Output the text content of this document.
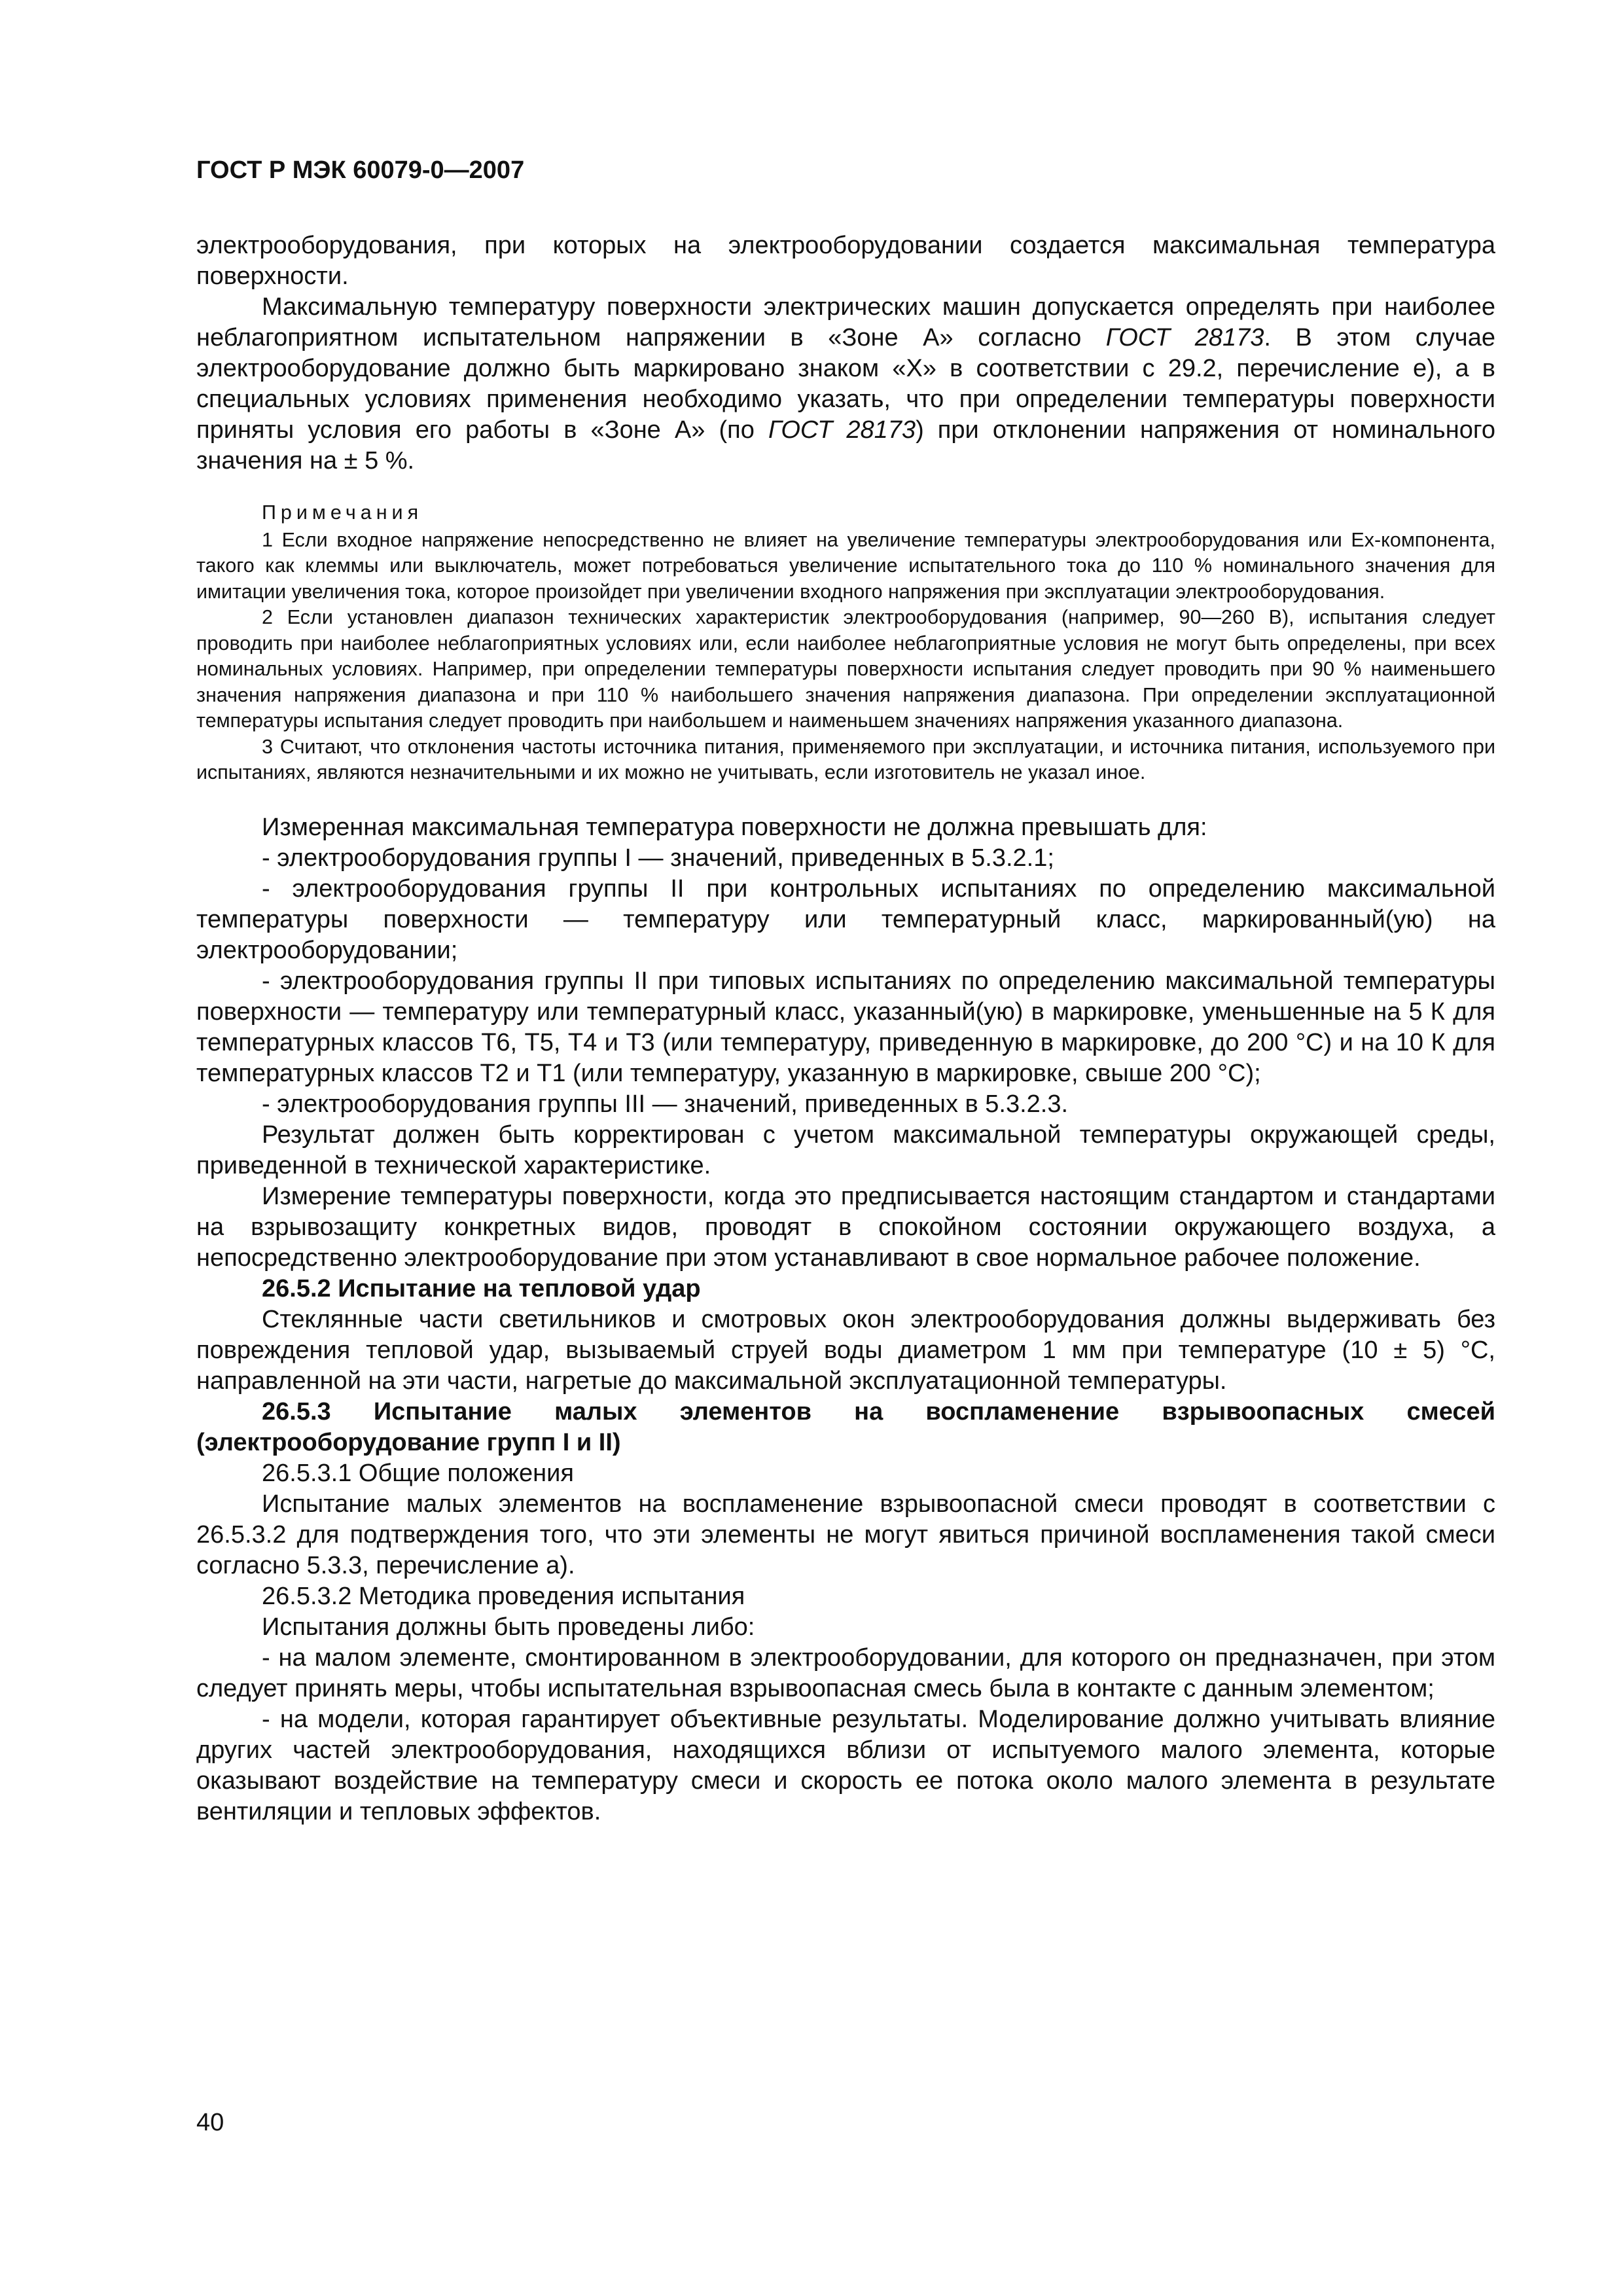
ГОСТ Р МЭК 60079-0—2007

электрооборудования, при которых на электрооборудовании создается максимальная температура поверхности.

Максимальную температуру поверхности электрических машин допускается определять при наиболее неблагоприятном испытательном напряжении в «Зоне А» согласно ГОСТ 28173. В этом случае электрооборудование должно быть маркировано знаком «X» в соответствии с 29.2, перечисление е), а в специальных условиях применения необходимо указать, что при определении температуры поверхности приняты условия его работы в «Зоне А» (по ГОСТ 28173) при отклонении напряжения от номинального значения на ± 5 %.

Примечания

1 Если входное напряжение непосредственно не влияет на увеличение температуры электрооборудования или Ex-компонента, такого как клеммы или выключатель, может потребоваться увеличение испытательного тока до 110 % номинального значения для имитации увеличения тока, которое произойдет при увеличении входного напряжения при эксплуатации электрооборудования.

2 Если установлен диапазон технических характеристик электрооборудования (например, 90—260 В), испытания следует проводить при наиболее неблагоприятных условиях или, если наиболее неблагоприятные условия не могут быть определены, при всех номинальных условиях. Например, при определении температуры поверхности испытания следует проводить при 90 % наименьшего значения напряжения диапазона и при 110 % наибольшего значения напряжения диапазона. При определении эксплуатационной температуры испытания следует проводить при наибольшем и наименьшем значениях напряжения указанного диапазона.

3 Считают, что отклонения частоты источника питания, применяемого при эксплуатации, и источника питания, используемого при испытаниях, являются незначительными и их можно не учитывать, если изготовитель не указал иное.

Измеренная максимальная температура поверхности не должна превышать для:

- электрооборудования группы I — значений, приведенных в 5.3.2.1;

- электрооборудования группы II при контрольных испытаниях по определению максимальной температуры поверхности — температуру или температурный класс, маркированный(ую) на электрооборудовании;

- электрооборудования группы II при типовых испытаниях по определению максимальной температуры поверхности — температуру или температурный класс, указанный(ую) в маркировке, уменьшенные на 5 К для температурных классов Т6, Т5, Т4 и Т3 (или температуру, приведенную в маркировке, до 200 °С) и на 10 К для температурных классов Т2 и Т1 (или температуру, указанную в маркировке, свыше 200 °С);

- электрооборудования группы III — значений, приведенных в 5.3.2.3.

Результат должен быть корректирован с учетом максимальной температуры окружающей среды, приведенной в технической характеристике.

Измерение температуры поверхности, когда это предписывается настоящим стандартом и стандартами на взрывозащиту конкретных видов, проводят в спокойном состоянии окружающего воздуха, а непосредственно электрооборудование при этом устанавливают в свое нормальное рабочее положение.

26.5.2 Испытание на тепловой удар

Стеклянные части светильников и смотровых окон электрооборудования должны выдерживать без повреждения тепловой удар, вызываемый струей воды диаметром 1 мм при температуре (10 ± 5) °С, направленной на эти части, нагретые до максимальной эксплуатационной температуры.

26.5.3 Испытание малых элементов на воспламенение взрывоопасных смесей (электрооборудование групп I и II)

26.5.3.1 Общие положения

Испытание малых элементов на воспламенение взрывоопасной смеси проводят в соответствии с 26.5.3.2 для подтверждения того, что эти элементы не могут явиться причиной воспламенения такой смеси согласно 5.3.3, перечисление а).

26.5.3.2 Методика проведения испытания

Испытания должны быть проведены либо:

- на малом элементе, смонтированном в электрооборудовании, для которого он предназначен, при этом следует принять меры, чтобы испытательная взрывоопасная смесь была в контакте с данным элементом;

- на модели, которая гарантирует объективные результаты. Моделирование должно учитывать влияние других частей электрооборудования, находящихся вблизи от испытуемого малого элемента, которые оказывают воздействие на температуру смеси и скорость ее потока около малого элемента в результате вентиляции и тепловых эффектов.

40
